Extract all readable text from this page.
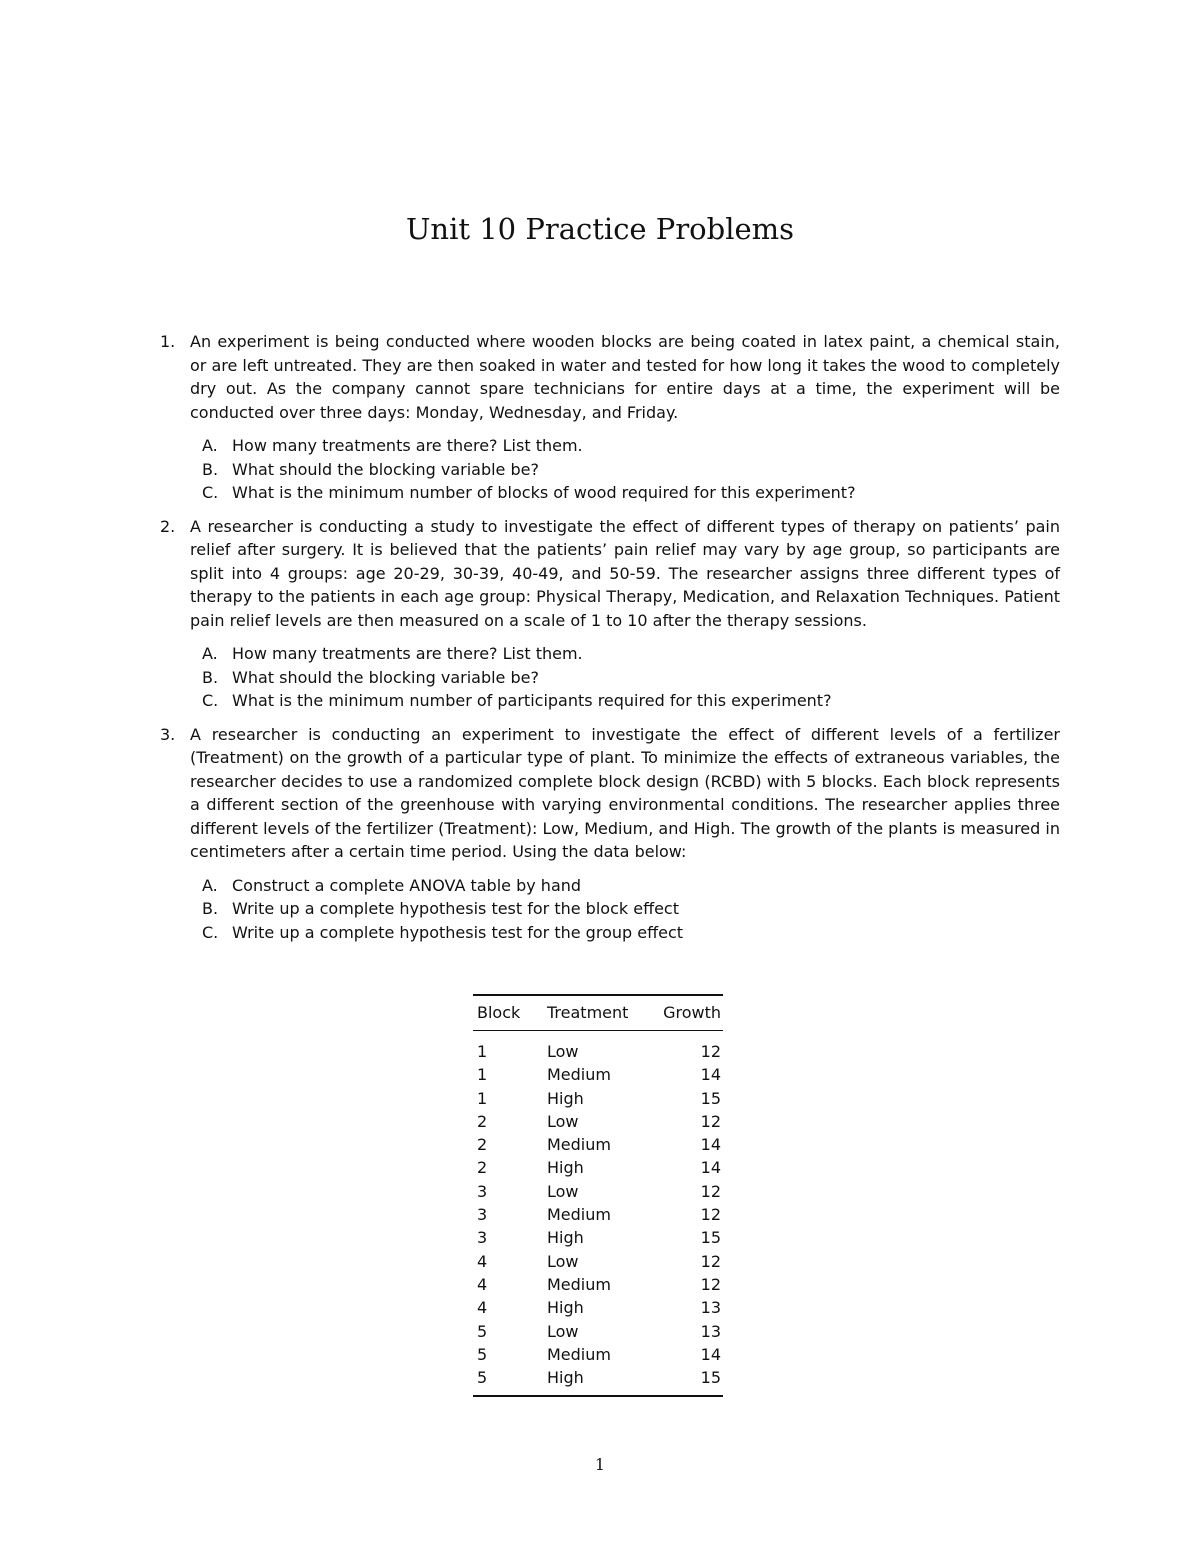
Unit 10 Practice Problems
1. An experiment is being conducted where wooden blocks are being coated in latex paint, a chemical stain, or are left untreated. They are then soaked in water and tested for how long it takes the wood to completely dry out. As the company cannot spare technicians for entire days at a time, the experiment will be conducted over three days: Monday, Wednesday, and Friday.

A. How many treatments are there? List them.
B. What should the blocking variable be?
C. What is the minimum number of blocks of wood required for this experiment?
2. A researcher is conducting a study to investigate the effect of different types of therapy on patients’ pain relief after surgery. It is believed that the patients’ pain relief may vary by age group, so participants are split into 4 groups: age 20-29, 30-39, 40-49, and 50-59. The researcher assigns three different types of therapy to the patients in each age group: Physical Therapy, Medication, and Relaxation Techniques. Patient pain relief levels are then measured on a scale of 1 to 10 after the therapy sessions.

A. How many treatments are there? List them.
B. What should the blocking variable be?
C. What is the minimum number of participants required for this experiment?
3. A researcher is conducting an experiment to investigate the effect of different levels of a fertilizer (Treatment) on the growth of a particular type of plant. To minimize the effects of extraneous variables, the researcher decides to use a randomized complete block design (RCBD) with 5 blocks. Each block represents a different section of the greenhouse with varying environmental conditions. The researcher applies three different levels of the fertilizer (Treatment): Low, Medium, and High. The growth of the plants is measured in centimeters after a certain time period. Using the data below:

A. Construct a complete ANOVA table by hand
B. Write up a complete hypothesis test for the block effect
C. Write up a complete hypothesis test for the group effect
Block	Treatment	Growth
1	Low	12
1	Medium	14
1	High	15
2	Low	12
2	Medium	14
2	High	14
3	Low	12
3	Medium	12
3	High	15
4	Low	12
4	Medium	12
4	High	13
5	Low	13
5	Medium	14
5	High	15
1
